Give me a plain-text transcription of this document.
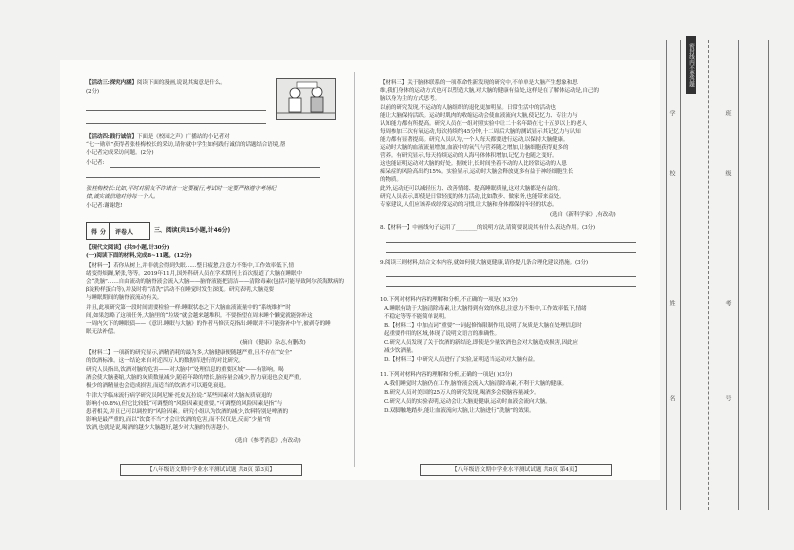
【活动三:探究内涵】阅读下面的漫画,说说其寓意是什么。
(2分)
【活动四:践行诚信】下面是《校园之声》广播站的小记者对
“七一勋章”获得者张桂梅校长的采访,请你就中学生如何践行诚信的话题结合语境,帮
小记者完成采访问题。(2分)
小记者:
张桂梅校长:比如,平时对朋友不许诺言一定要履行,考试时一定要严格遵守考场纪
律,诚实诚信地对待每一个人。
小记者:谢谢您!
得 分 评卷人	三、阅读(共15小题,计46分)
【现代文阅读】(共9小题,计30分)
(一)阅读下面的材料,完成8~11题。(12分)
【材料一】若你从树上,并非就会得到失眠……整日疲惫,注意力不集中,工作效率低下,情
绪变得烦躁,紧张,等等。2019年11月,国外科研人员在学术期刊上首次报道了大脑在睡眠中
会“洗脑”……自由流动的脑脊液会流入大脑——脑脊液能把清洁——清除毒素(包括可能导致阿尔茨海默病的
β淀粉样蛋白等),并及时将“清洗”活动不在睡觉时发生深度。研究表明,大脑竟要
与睡眠期间的脑脊液流动有关。
并且,此项研究第一段时间需要检验一样:睡眠状态之下大脑血液流量中的“系统维护”时
间,如果忽略了这项任务,大脑里的“垃圾”就会越来越堆积。不要指望在周末睡个懒觉就能弥补这
一周内欠下的睡眠债——《意识.睡眠与大脑》的作者马修沃克指出:睡眠并不可能弥补中午,被剥夺的睡
眠无法补偿。
(摘自《健康》杂志,有删改)
【材料二】一项新的研究显示,酒精消耗的最为多,大脑健康便随越严重,且不存在“安全”
的饮酒标准。这一结论来自对近四万人的数据库进行的对比研究。
研究人员指出,饮酒对脑的危害——对大脑中“处理信息的重要区域”——有影响。喝
酒会使大脑萎缩,大脑的灰质数量减少,随着年龄的增长,脑容量会减少,智力衰退也会更严重,
极少的酒精量也会造成损害,而适当的饮酒才可以避免衰退。
牛津大学临床流行病学研究员阿尼娅·托皮瓦拉说:“某些因素对大脑灰质衰退的
影响小(0.8%),但它比较低“可调整的”风险因素更重要。”可调整的风险因素是指“与
患者相关,并且已可以调控的”风险因素。研究小组认为饮酒的减少,饮料特别是啤酒的
影响是最严重的,而以“饮食不当”才会让饮酒的危害,而不仅仅是,反而“少量”的
饮酒,也就是说,喝酒的越少大脑越好,越少对大脑的伤害越小。
(选自《参考消息》,有改动)
【八年级语文期中学业水平测试试题 共8页 第3页】
【材料三】关于脑体联系的一项革命性新发现的研究中,不单单是大脑产生想象和思
维,我们身体的运动方式也可以塑造大脑,对大脑的健康有益处,这样是在了解体运动是,自己的
脑以身为主的方式思考。
以前的研究发现,不运动的人脑组织的退化更加明显。日常生活中的活动也
能让大脑保持活跃。运动时肌肉的收缩运动会使血液流向大脑,使记忆力、专注力与
认知能力都有所提高。研究人员在一组对照实验中让二十名年龄在七十五岁以上的老人
每周参加三次有氧运动,每次持续约45分钟,十二周后大脑的测试显示其记忆力与认知
能力都有显著提高。研究人员认为,一个人每天都要进行运动,以保持大脑健康。
运动时大脑的血液流量增加,血液中的氧气与营养随之增加,让脑细胞获得更多的
营养。有研究显示,每天持续运动的人海马体体积增加,记忆力也随之变好。
这也能证明运动对大脑的好处。据统计,长时间坐着不动的人比经常运动的人患
痴呆症的风险高出约15%。实验显示,运动时大脑会释放更多有益于神经细胞生长
的物质。
此外,运动还可以减轻压力、改善情绪、提高睡眠质量,这对大脑都是有益的。
研究人员表示,即使是日常轻度的体力活动,比如散步、做家务,也能带来益处。
专家建议,人们应该养成经常运动的习惯,让大脑和身体都保持年轻的状态。
(选自《新科学家》,有改动)
8.【材料一】中画线句子运用了________的说明方法,请简要说说其有什么表达作用。(3分)
9.阅读三则材料,结合文本内容,就如何使大脑更健康,请你提几条合理化建议措施。(3分)
10.下列对材料内容的理解和分析,不正确的一项是( )(3分)
A.睡眠有助于大脑清除毒素,让大脑得到有效的休息,注意力不集中,工作效率低下,情绪
不稳定等等不能简单说明。
B.【材料二】中加点词“重要”一词起修饰限制作用,说明了灰质是大脑在处理信息时
起重要作用的区域,体现了说明文语言的准确性。
C.研究人员发现了关于饮酒的新结论,即使是少量饮酒也会对大脑造成损害,因此应
减少饮酒量。
D.【材料三】中研究人员进行了实验,证明适当运动对大脑有益。
11.下列对材料内容的理解和分析,正确的一项是( )(3分)
A.我们睡觉时大脑仍在工作,脑脊液会流入大脑清除毒素,不利于大脑的健康。
B.研究人员对美国的25万人的研究发现,喝酒多会使脑容量减少。
C.研究人员的实验表明,运动会让大脑更健康,运动时血液会流向大脑。
D.双脚触地踏步,能让血液流向大脑,让大脑进行“洗脑”的效果。
【八年级语文期中学业水平测试试题 共8页 第4页】
密封线内不要答题
学
校
班
级
姓
名
考
号
